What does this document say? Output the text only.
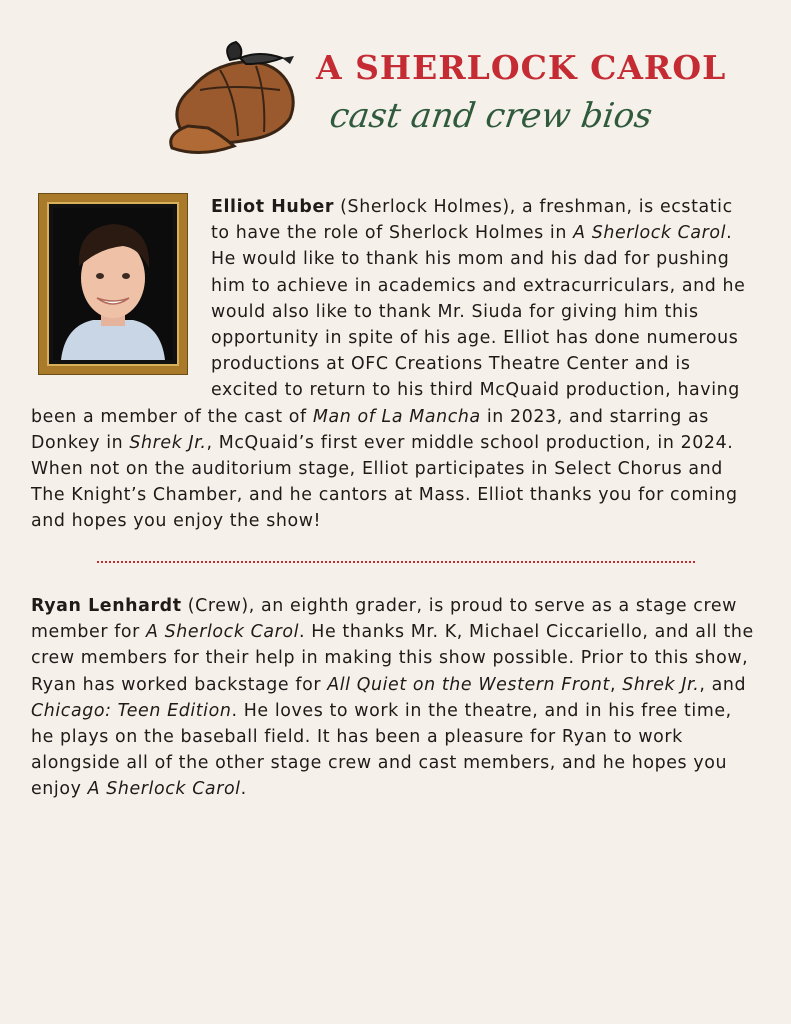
A SHERLOCK CAROL
cast and crew bios

Elliot Huber (Sherlock Holmes), a freshman, is ecstatic to have the role of Sherlock Holmes in A Sherlock Carol. He would like to thank his mom and his dad for pushing him to achieve in academics and extracurriculars, and he would also like to thank Mr. Siuda for giving him this opportunity in spite of his age. Elliot has done numerous productions at OFC Creations Theatre Center and is excited to return to his third McQuaid production, having been a member of the cast of Man of La Mancha in 2023, and starring as Donkey in Shrek Jr., McQuaid’s first ever middle school production, in 2024. When not on the auditorium stage, Elliot participates in Select Chorus and The Knight’s Chamber, and he cantors at Mass. Elliot thanks you for coming and hopes you enjoy the show!

Ryan Lenhardt (Crew), an eighth grader, is proud to serve as a stage crew member for A Sherlock Carol. He thanks Mr. K, Michael Ciccariello, and all the crew members for their help in making this show possible. Prior to this show, Ryan has worked backstage for All Quiet on the Western Front, Shrek Jr., and Chicago: Teen Edition. He loves to work in the theatre, and in his free time, he plays on the baseball field. It has been a pleasure for Ryan to work alongside all of the other stage crew and cast members, and he hopes you enjoy A Sherlock Carol.
